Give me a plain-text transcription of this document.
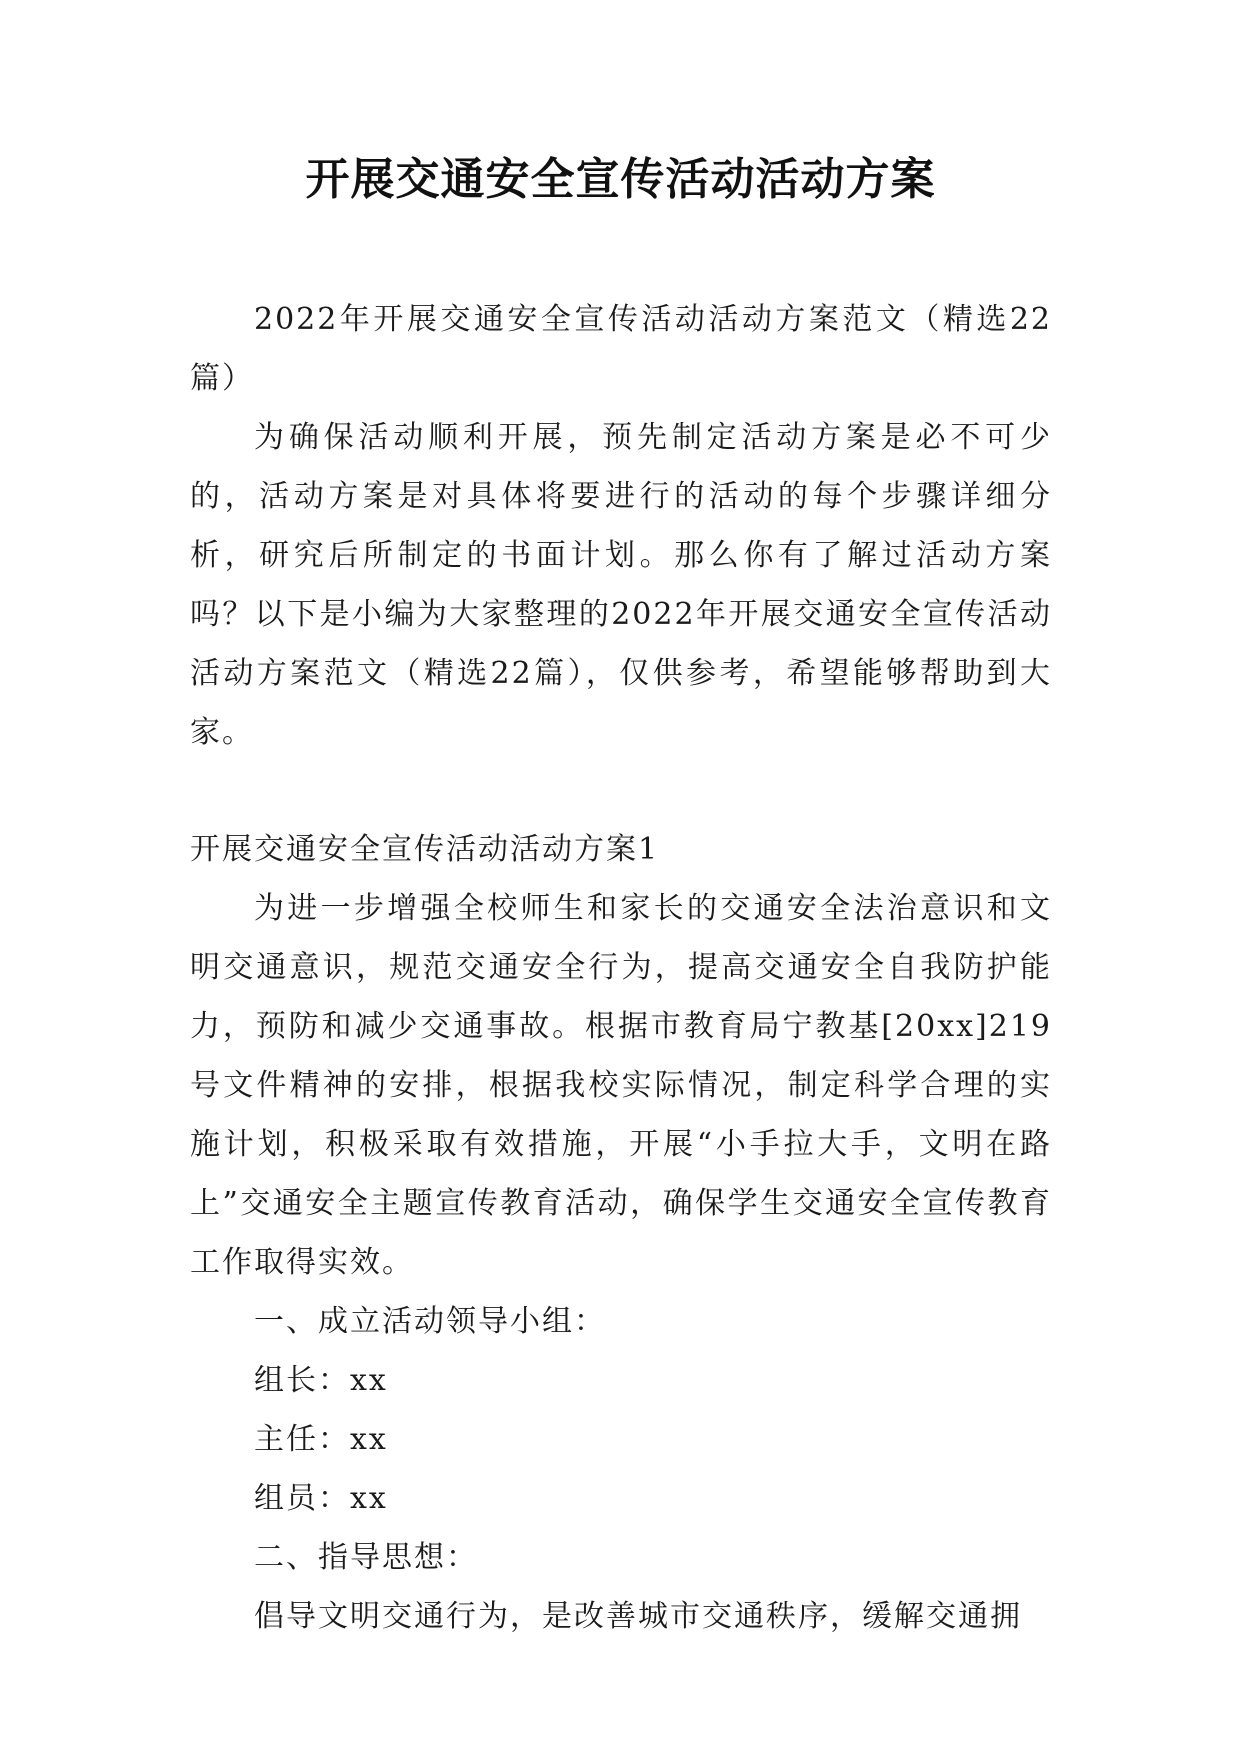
开展交通安全宣传活动活动方案

2022年开展交通安全宣传活动活动方案范文（精选22篇）

为确保活动顺利开展，预先制定活动方案是必不可少的，活动方案是对具体将要进行的活动的每个步骤详细分析，研究后所制定的书面计划。那么你有了解过活动方案吗？以下是小编为大家整理的2022年开展交通安全宣传活动活动方案范文（精选22篇），仅供参考，希望能够帮助到大家。

开展交通安全宣传活动活动方案1

为进一步增强全校师生和家长的交通安全法治意识和文明交通意识，规范交通安全行为，提高交通安全自我防护能力，预防和减少交通事故。根据市教育局宁教基[20xx]219号文件精神的安排，根据我校实际情况，制定科学合理的实施计划，积极采取有效措施，开展“小手拉大手，文明在路上”交通安全主题宣传教育活动，确保学生交通安全宣传教育工作取得实效。

一、成立活动领导小组：

组长：xx

主任：xx

组员：xx

二、指导思想：

倡导文明交通行为，是改善城市交通秩序，缓解交通拥
